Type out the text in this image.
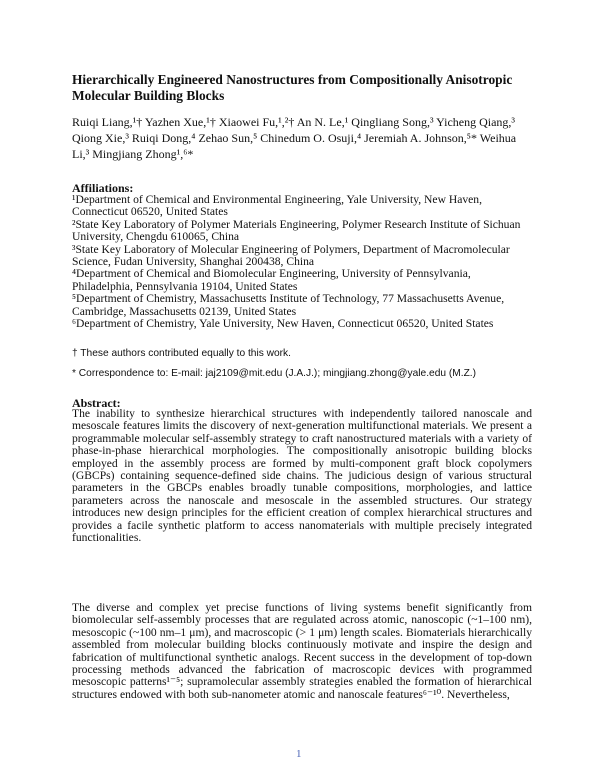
Hierarchically Engineered Nanostructures from Compositionally Anisotropic Molecular Building Blocks
Ruiqi Liang,¹† Yazhen Xue,¹† Xiaowei Fu,¹,²† An N. Le,¹ Qingliang Song,³ Yicheng Qiang,³ Qiong Xie,³ Ruiqi Dong,⁴ Zehao Sun,⁵ Chinedum O. Osuji,⁴ Jeremiah A. Johnson,⁵* Weihua Li,³ Mingjiang Zhong¹,⁶*
Affiliations:
¹Department of Chemical and Environmental Engineering, Yale University, New Haven, Connecticut 06520, United States
²State Key Laboratory of Polymer Materials Engineering, Polymer Research Institute of Sichuan University, Chengdu 610065, China
³State Key Laboratory of Molecular Engineering of Polymers, Department of Macromolecular Science, Fudan University, Shanghai 200438, China
⁴Department of Chemical and Biomolecular Engineering, University of Pennsylvania, Philadelphia, Pennsylvania 19104, United States
⁵Department of Chemistry, Massachusetts Institute of Technology, 77 Massachusetts Avenue, Cambridge, Massachusetts 02139, United States
⁶Department of Chemistry, Yale University, New Haven, Connecticut 06520, United States
† These authors contributed equally to this work.
* Correspondence to: E-mail: jaj2109@mit.edu (J.A.J.); mingjiang.zhong@yale.edu (M.Z.)
Abstract:
The inability to synthesize hierarchical structures with independently tailored nanoscale and mesoscale features limits the discovery of next-generation multifunctional materials. We present a programmable molecular self-assembly strategy to craft nanostructured materials with a variety of phase-in-phase hierarchical morphologies. The compositionally anisotropic building blocks employed in the assembly process are formed by multi-component graft block copolymers (GBCPs) containing sequence-defined side chains. The judicious design of various structural parameters in the GBCPs enables broadly tunable compositions, morphologies, and lattice parameters across the nanoscale and mesoscale in the assembled structures. Our strategy introduces new design principles for the efficient creation of complex hierarchical structures and provides a facile synthetic platform to access nanomaterials with multiple precisely integrated functionalities.
The diverse and complex yet precise functions of living systems benefit significantly from biomolecular self-assembly processes that are regulated across atomic, nanoscopic (~1–100 nm), mesoscopic (~100 nm–1 μm), and macroscopic (> 1 μm) length scales. Biomaterials hierarchically assembled from molecular building blocks continuously motivate and inspire the design and fabrication of multifunctional synthetic analogs. Recent success in the development of top-down processing methods advanced the fabrication of macroscopic devices with programmed mesoscopic patterns¹⁻⁵; supramolecular assembly strategies enabled the formation of hierarchical structures endowed with both sub-nanometer atomic and nanoscale features⁶⁻¹⁰. Nevertheless,
1
